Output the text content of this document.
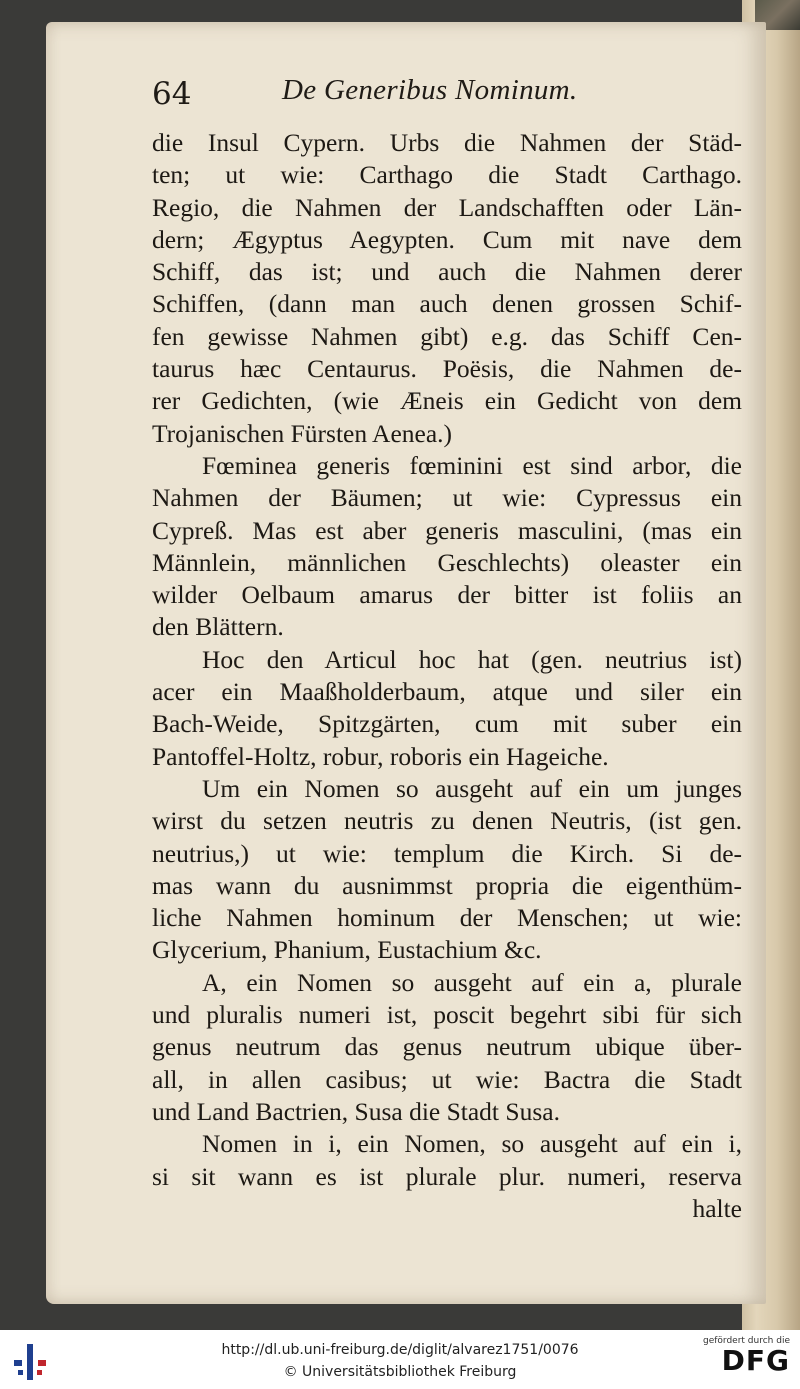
64	De Generibus Nominum.
die Insul Cypern. Urbs die Nahmen der Städ-
ten; ut wie: Carthago die Stadt Carthago.
Regio, die Nahmen der Landschafften oder Län-
dern; Ægyptus Aegypten. Cum mit nave dem
Schiff, das ist; und auch die Nahmen derer
Schiffen, (dann man auch denen grossen Schif-
fen gewisse Nahmen gibt) e.g. das Schiff Cen-
taurus hæc Centaurus. Poësis, die Nahmen de-
rer Gedichten, (wie Æneis ein Gedicht von dem
Trojanischen Fürsten Aenea.)
Fœminea generis fœminini est sind arbor, die
Nahmen der Bäumen; ut wie: Cypressus ein
Cypreß. Mas est aber generis masculini, (mas ein
Männlein, männlichen Geschlechts) oleaster ein
wilder Oelbaum amarus der bitter ist foliis an
den Blättern.
Hoc den Articul hoc hat (gen. neutrius ist)
acer ein Maaßholderbaum, atque und siler ein
Bach-Weide, Spitzgärten, cum mit suber ein
Pantoffel-Holtz, robur, roboris ein Hageiche.
Um ein Nomen so ausgeht auf ein um junges
wirst du setzen neutris zu denen Neutris, (ist gen.
neutrius,) ut wie: templum die Kirch. Si de-
mas wann du ausnimmst propria die eigenthüm-
liche Nahmen hominum der Menschen; ut wie:
Glycerium, Phanium, Eustachium &c.
A, ein Nomen so ausgeht auf ein a, plurale
und pluralis numeri ist, poscit begehrt sibi für sich
genus neutrum das genus neutrum ubique über-
all, in allen casibus; ut wie: Bactra die Stadt
und Land Bactrien, Susa die Stadt Susa.
Nomen in i, ein Nomen, so ausgeht auf ein i,
si sit wann es ist plurale plur. numeri, reserva
halte
http://dl.ub.uni-freiburg.de/diglit/alvarez1751/0076
© Universitätsbibliothek Freiburg
gefördert durch die
DFG
